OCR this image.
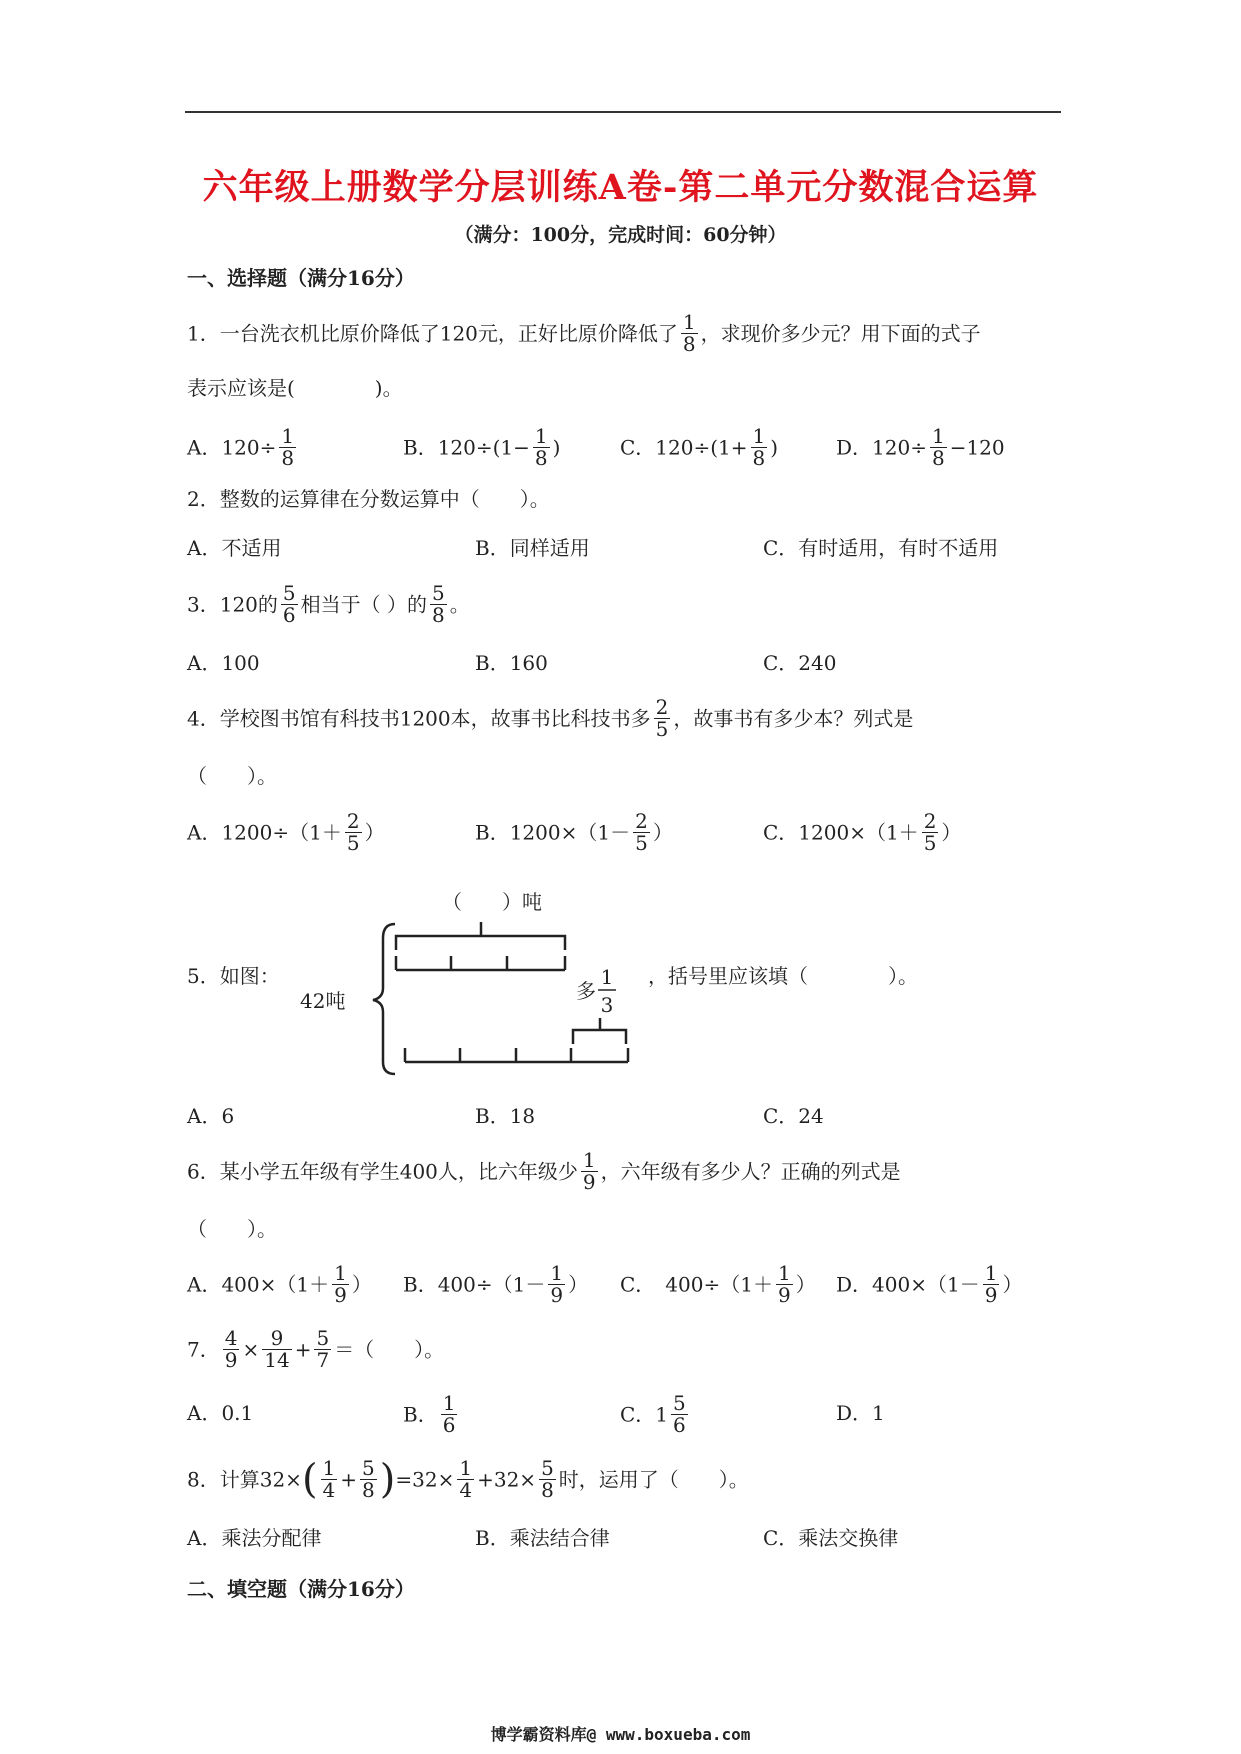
六年级上册数学分层训练A卷-第二单元分数混合运算
（满分：100分，完成时间：60分钟）
一、选择题（满分16分）
1．一台洗衣机比原价降低了120元，正好比原价降低了 $\frac{1}{8}$ ，求现价多少元？用下面的式子
表示应该是(　　　　)。
A．$120\div \frac{1}{8}$	B．$120\div(1- \frac{1}{8}$ )	C．$120\div(1+ \frac{1}{8}$ )	D．$120\div \frac{1}{8} -120$
2．整数的运算律在分数运算中（　　）。
A．不适用	B．同样适用	C．有时适用，有时不适用
3．120的 $\frac{5}{6}$ 相当于（ ）的 $\frac{5}{8}$ 。
A．100	B．160	C．240
4．学校图书馆有科技书1200本，故事书比科技书多 $\frac{2}{5}$ ，故事书有多少本？列式是
（　　）。
A．$1200\div(1+ \frac{2}{5}$ ）	B．$1200\times(1- \frac{2}{5}$ ）	C．$1200\times(1+ \frac{2}{5}$ ）
5．如图：
（　　）吨
42吨	多
1
3
，括号里应该填（　　　　）。
A．6	B．18	C．24
6．某小学五年级有学生400人，比六年级少 $\frac{1}{9}$ ，六年级有多少人？正确的列式是
（　　）。
A．$400\times(1+ \frac{1}{9}$ ） B．$400\div(1- \frac{1}{9}$ ） C．　$400\div(1+ \frac{1}{9}$ ） D．$400\times(1- \frac{1}{9}$ ）
7． $\frac{4}{9} \times \frac{9}{14} + \frac{5}{7}$ ＝（　　）。
A．0.1	B． $\frac{1}{6}$	C．$1 \frac{5}{6}$	D．1
8．计算$32\times( \frac{1}{4} + \frac{5}{8} )=32\times \frac{1}{4} +32\times \frac{5}{8}$ 时，运用了（　　）。
A．乘法分配律	B．乘法结合律	C．乘法交换律
二、填空题（满分16分）
博学霸资料库@ www.boxueba.com
